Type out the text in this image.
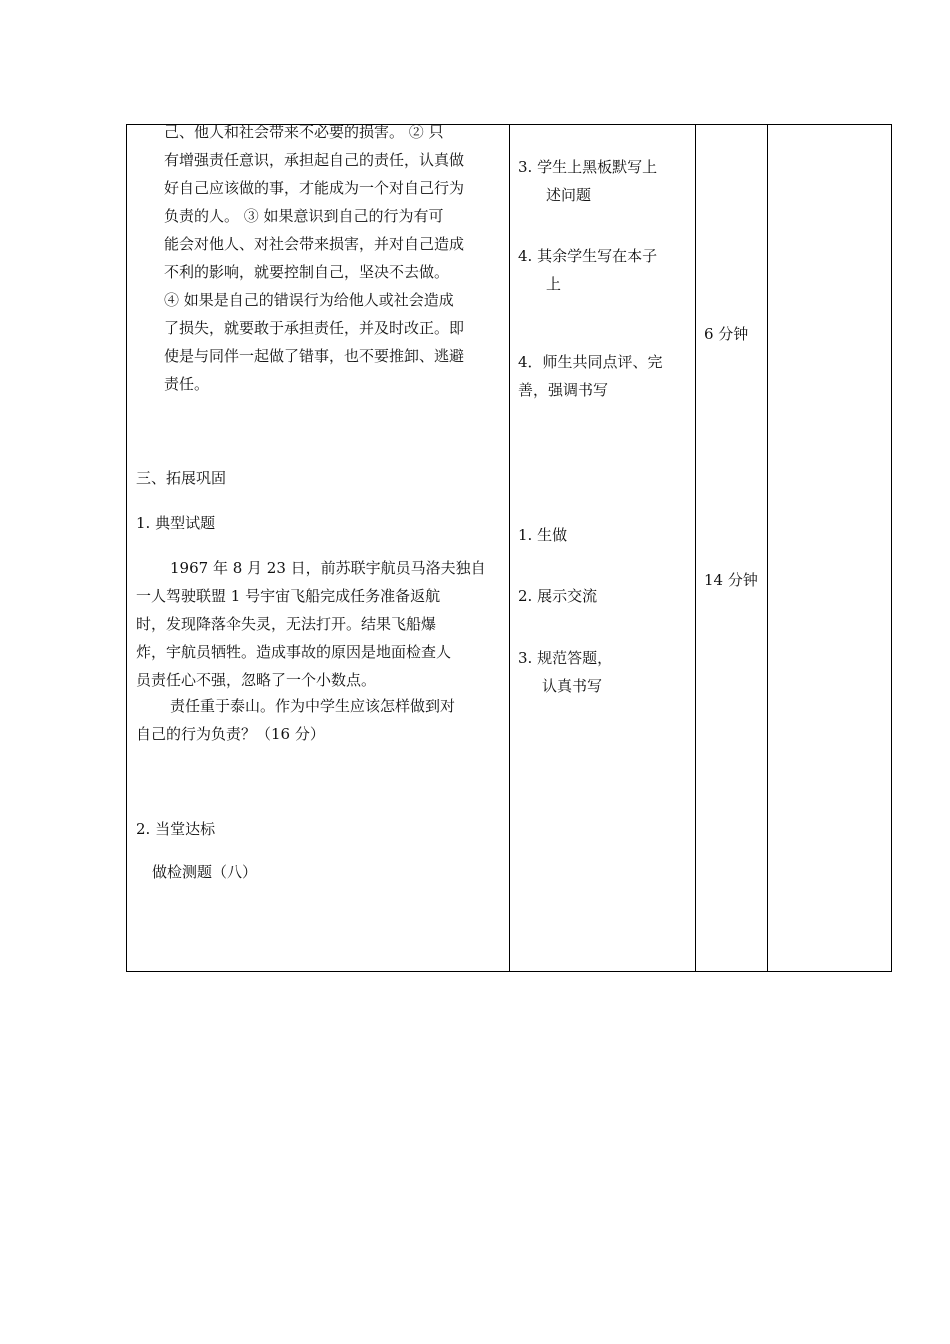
己、他人和社会带来不必要的损害。 ② 只
有增强责任意识，承担起自己的责任，认真做
好自己应该做的事，才能成为一个对自己行为
负责的人。 ③ 如果意识到自己的行为有可
能会对他人、对社会带来损害，并对自己造成
不利的影响，就要控制自己，坚决不去做。
④ 如果是自己的错误行为给他人或社会造成
了损失，就要敢于承担责任，并及时改正。即
使是与同伴一起做了错事，也不要推卸、逃避
责任。
三、拓展巩固
1. 典型试题
1967 年 8 月 23 日，前苏联宇航员马洛夫独自
一人驾驶联盟 1 号宇宙飞船完成任务准备返航
时，发现降落伞失灵，无法打开。结果飞船爆
炸，宇航员牺牲。造成事故的原因是地面检查人
员责任心不强，忽略了一个小数点。
责任重于泰山。作为中学生应该怎样做到对
自己的行为负责？（16 分）
2. 当堂达标
做检测题（八）
3. 学生上黑板默写上
述问题
4. 其余学生写在本子
上
4．师生共同点评、完
善，强调书写
1. 生做
2. 展示交流
3. 规范答题，
认真书写
6 分钟
14 分钟
